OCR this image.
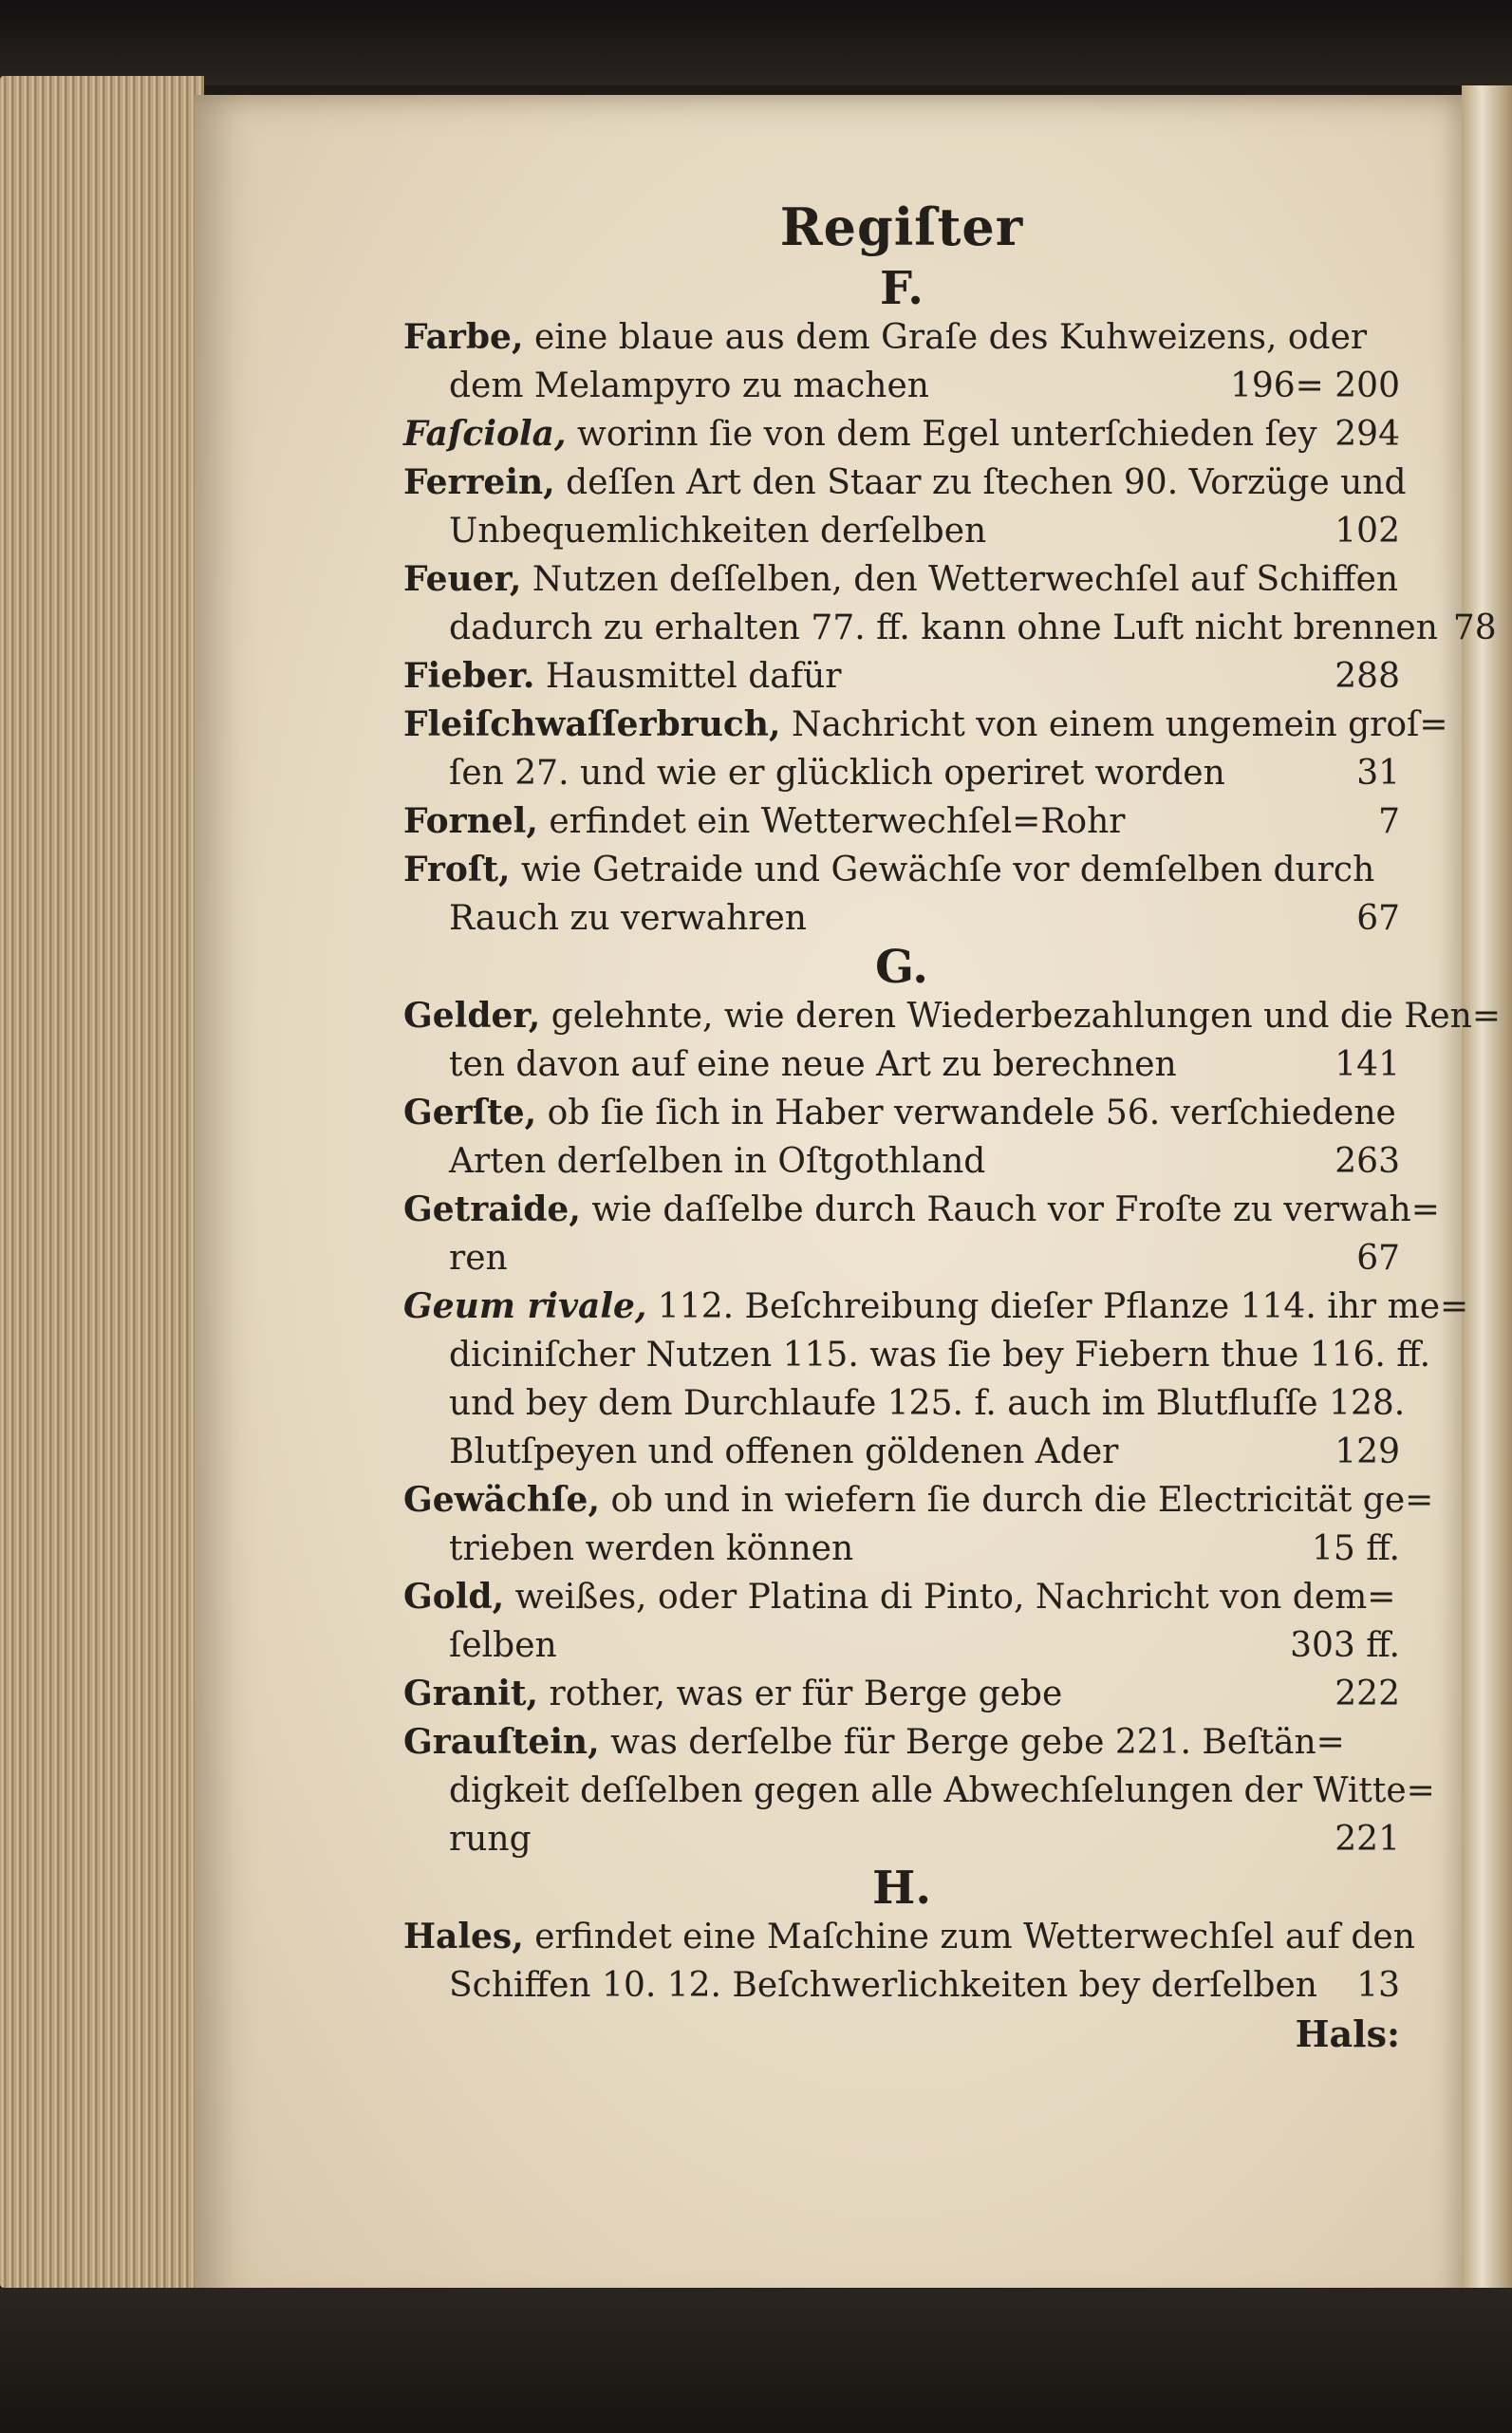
Regiſter
F.
Farbe, eine blaue aus dem Graſe des Kuhweizens, oder
dem Melampyro zu machen	196= 200
Faſciola, worinn ſie von dem Egel unterſchieden ſey 294
Ferrein, deſſen Art den Staar zu ſtechen 90. Vorzüge und
Unbequemlichkeiten derſelben	102
Feuer, Nutzen deſſelben, den Wetterwechſel auf Schiffen
dadurch zu erhalten 77. ff. kann ohne Luft nicht brennen 78
Fieber. Hausmittel dafür	288
Fleiſchwaſſerbruch, Nachricht von einem ungemein groſ=
ſen 27. und wie er glücklich operiret worden	31
Fornel, erfindet ein Wetterwechſel=Rohr	7
Froſt, wie Getraide und Gewächſe vor demſelben durch
Rauch zu verwahren	67
G.
Gelder, gelehnte, wie deren Wiederbezahlungen und die Ren=
ten davon auf eine neue Art zu berechnen	141
Gerſte, ob ſie ſich in Haber verwandele 56. verſchiedene
Arten derſelben in Oſtgothland	263
Getraide, wie daſſelbe durch Rauch vor Froſte zu verwah=
ren	67
Geum rivale, 112. Beſchreibung dieſer Pflanze 114. ihr me=
diciniſcher Nutzen 115. was ſie bey Fiebern thue 116. ff.
und bey dem Durchlaufe 125. f. auch im Blutfluſſe 128.
Blutſpeyen und offenen göldenen Ader	129
Gewächſe, ob und in wiefern ſie durch die Electricität ge=
trieben werden können	15 ff.
Gold, weißes, oder Platina di Pinto, Nachricht von dem=
ſelben	303 ff.
Granit, rother, was er für Berge gebe	222
Grauſtein, was derſelbe für Berge gebe 221. Beſtän=
digkeit deſſelben gegen alle Abwechſelungen der Witte=
rung	221
H.
Hales, erfindet eine Maſchine zum Wetterwechſel auf den
Schiffen 10. 12. Beſchwerlichkeiten bey derſelben	13
Hals:
